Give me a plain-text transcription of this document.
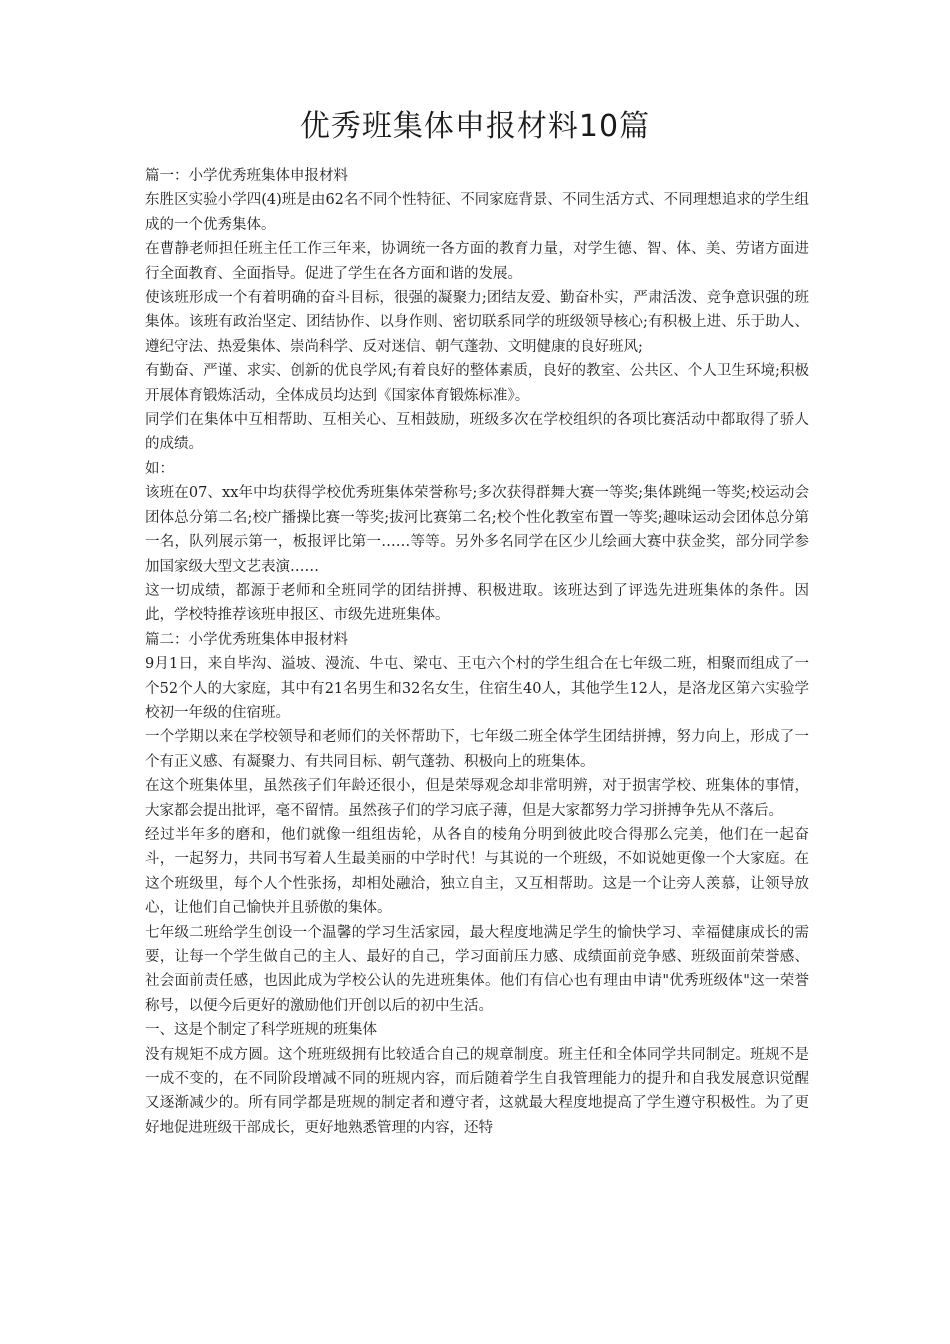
优秀班集体申报材料10篇

篇一：小学优秀班集体申报材料

东胜区实验小学四(4)班是由62名不同个性特征、不同家庭背景、不同生活方式、不同理想追求的学生组成的一个优秀集体。

在曹静老师担任班主任工作三年来，协调统一各方面的教育力量，对学生德、智、体、美、劳诸方面进行全面教育、全面指导。促进了学生在各方面和谐的发展。

使该班形成一个有着明确的奋斗目标，很强的凝聚力;团结友爱、勤奋朴实，严肃活泼、竞争意识强的班集体。该班有政治坚定、团结协作、以身作则、密切联系同学的班级领导核心;有积极上进、乐于助人、遵纪守法、热爱集体、崇尚科学、反对迷信、朝气蓬勃、文明健康的良好班风;

有勤奋、严谨、求实、创新的优良学风;有着良好的整体素质，良好的教室、公共区、个人卫生环境;积极开展体育锻炼活动，全体成员均达到《国家体育锻炼标准》。

同学们在集体中互相帮助、互相关心、互相鼓励，班级多次在学校组织的各项比赛活动中都取得了骄人的成绩。

如：

该班在07、xx年中均获得学校优秀班集体荣誉称号;多次获得群舞大赛一等奖;集体跳绳一等奖;校运动会团体总分第二名;校广播操比赛一等奖;拔河比赛第二名;校个性化教室布置一等奖;趣味运动会团体总分第一名，队列展示第一，板报评比第一……等等。另外多名同学在区少儿绘画大赛中获金奖，部分同学参加国家级大型文艺表演……

这一切成绩，都源于老师和全班同学的团结拼搏、积极进取。该班达到了评选先进班集体的条件。因此，学校特推荐该班申报区、市级先进班集体。

篇二：小学优秀班集体申报材料

9月1日，来自毕沟、溢坡、漫流、牛屯、梁屯、王屯六个村的学生组合在七年级二班，相聚而组成了一个52个人的大家庭，其中有21名男生和32名女生，住宿生40人，其他学生12人，是洛龙区第六实验学校初一年级的住宿班。

一个学期以来在学校领导和老师们的关怀帮助下，七年级二班全体学生团结拼搏，努力向上，形成了一个有正义感、有凝聚力、有共同目标、朝气蓬勃、积极向上的班集体。

在这个班集体里，虽然孩子们年龄还很小，但是荣辱观念却非常明辨，对于损害学校、班集体的事情，大家都会提出批评，毫不留情。虽然孩子们的学习底子薄，但是大家都努力学习拼搏争先从不落后。

经过半年多的磨和，他们就像一组组齿轮，从各自的棱角分明到彼此咬合得那么完美，他们在一起奋斗，一起努力，共同书写着人生最美丽的中学时代！与其说的一个班级，不如说她更像一个大家庭。在这个班级里，每个人个性张扬，却相处融洽，独立自主，又互相帮助。这是一个让旁人羡慕，让领导放心，让他们自己愉快并且骄傲的集体。

七年级二班给学生创设一个温馨的学习生活家园，最大程度地满足学生的愉快学习、幸福健康成长的需要，让每一个学生做自己的主人、最好的自己，学习面前压力感、成绩面前竞争感、班级面前荣誉感、社会面前责任感，也因此成为学校公认的先进班集体。他们有信心也有理由申请"优秀班级体"这一荣誉称号，以便今后更好的激励他们开创以后的初中生活。

一、这是个制定了科学班规的班集体

没有规矩不成方圆。这个班班级拥有比较适合自己的规章制度。班主任和全体同学共同制定。班规不是一成不变的，在不同阶段增减不同的班规内容，而后随着学生自我管理能力的提升和自我发展意识觉醒又逐渐减少的。所有同学都是班规的制定者和遵守者，这就最大程度地提高了学生遵守积极性。为了更好地促进班级干部成长，更好地熟悉管理的内容，还特
